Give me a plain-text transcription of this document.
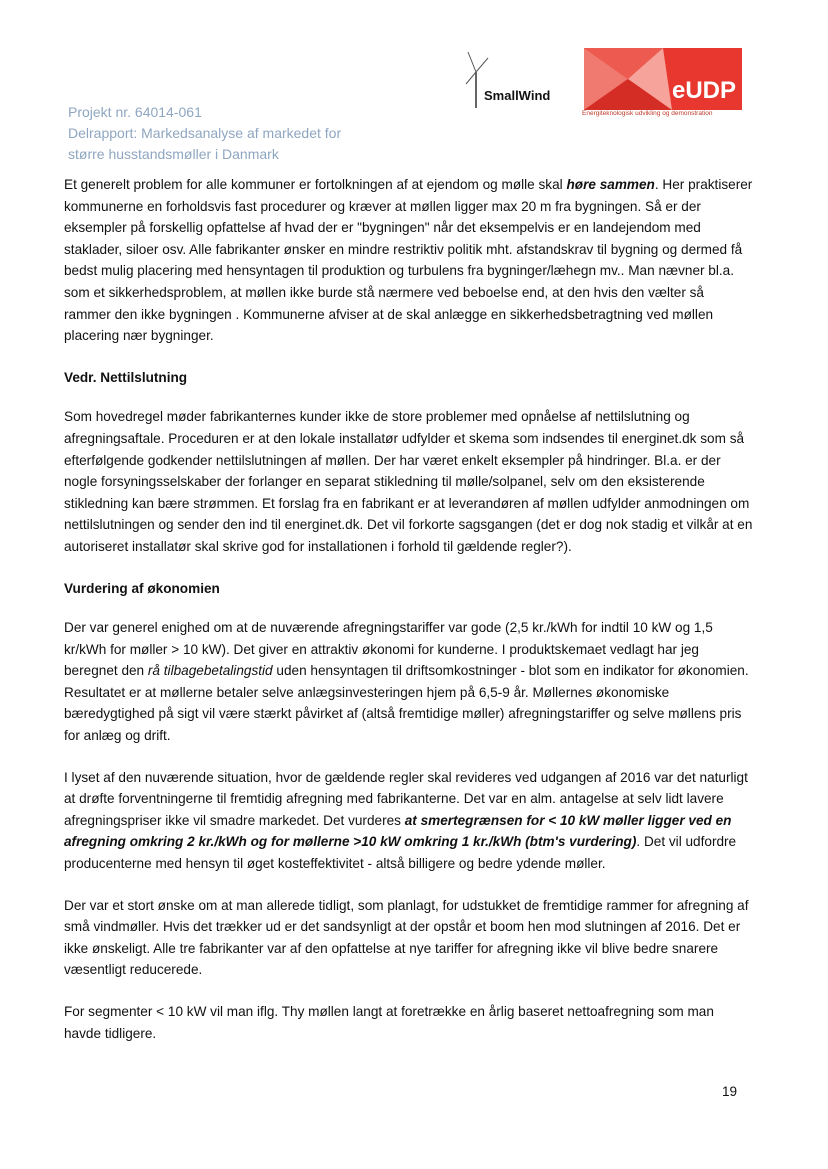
Projekt nr. 64014-061
Delrapport: Markedsanalyse af markedet for
større husstandsmøller i Danmark
SmallWind	eUDP
Energiteknologisk udvikling og demonstration

Et generelt problem for alle kommuner er fortolkningen af at ejendom og mølle skal høre sammen. Her praktiserer kommunerne en forholdsvis fast procedurer og kræver at møllen ligger max 20 m fra bygningen. Så er der eksempler på forskellig opfattelse af hvad der er "bygningen" når det eksempelvis er en landejendom med staklader, siloer osv. Alle fabrikanter ønsker en mindre restriktiv politik mht. afstandskrav til bygning og dermed få bedst mulig placering med hensyntagen til produktion og turbulens fra bygninger/læhegn mv.. Man nævner bl.a. som et sikkerhedsproblem, at møllen ikke burde stå nærmere ved beboelse end, at den hvis den vælter så rammer den ikke bygningen . Kommunerne afviser at de skal anlægge en sikkerhedsbetragtning ved møllen placering nær bygninger.

Vedr. Nettilslutning

Som hovedregel møder fabrikanternes kunder ikke de store problemer med opnåelse af nettilslutning og afregningsaftale. Proceduren er at den lokale installatør udfylder et skema som indsendes til energinet.dk som så efterfølgende godkender nettilslutningen af møllen. Der har været enkelt eksempler på hindringer. Bl.a. er der nogle forsyningsselskaber der forlanger en separat stikledning til mølle/solpanel, selv om den eksisterende stikledning kan bære strømmen. Et forslag fra en fabrikant er at leverandøren af møllen udfylder anmodningen om nettilslutningen og sender den ind til energinet.dk. Det vil forkorte sagsgangen (det er dog nok stadig et vilkår at en autoriseret installatør skal skrive god for installationen i forhold til gældende regler?).

Vurdering af økonomien

Der var generel enighed om at de nuværende afregningstariffer var gode (2,5 kr./kWh for indtil 10 kW og 1,5 kr/kWh for møller > 10 kW). Det giver en attraktiv økonomi for kunderne. I produktskemaet vedlagt har jeg beregnet den rå tilbagebetalingstid uden hensyntagen til driftsomkostninger - blot som en indikator for økonomien. Resultatet er at møllerne betaler selve anlægsinvesteringen hjem på 6,5-9 år. Møllernes økonomiske bæredygtighed på sigt vil være stærkt påvirket af (altså fremtidige møller) afregningstariffer og selve møllens pris for anlæg og drift.

I lyset af den nuværende situation, hvor de gældende regler skal revideres ved udgangen af 2016 var det naturligt at drøfte forventningerne til fremtidig afregning med fabrikanterne. Det var en alm. antagelse at selv lidt lavere afregningspriser ikke vil smadre markedet. Det vurderes at smertegrænsen for < 10 kW møller ligger ved en afregning omkring 2 kr./kWh og for møllerne >10 kW omkring 1 kr./kWh (btm's vurdering). Det vil udfordre producenterne med hensyn til øget kosteffektivitet - altså billigere og bedre ydende møller.

Der var et stort ønske om at man allerede tidligt, som planlagt, for udstukket de fremtidige rammer for afregning af små vindmøller. Hvis det trækker ud er det sandsynligt at der opstår et boom hen mod slutningen af 2016. Det er ikke ønskeligt. Alle tre fabrikanter var af den opfattelse at nye tariffer for afregning ikke vil blive bedre snarere væsentligt reducerede.

For segmenter < 10 kW vil man iflg. Thy møllen langt at foretrække en årlig baseret nettoafregning som man havde tidligere.

19
